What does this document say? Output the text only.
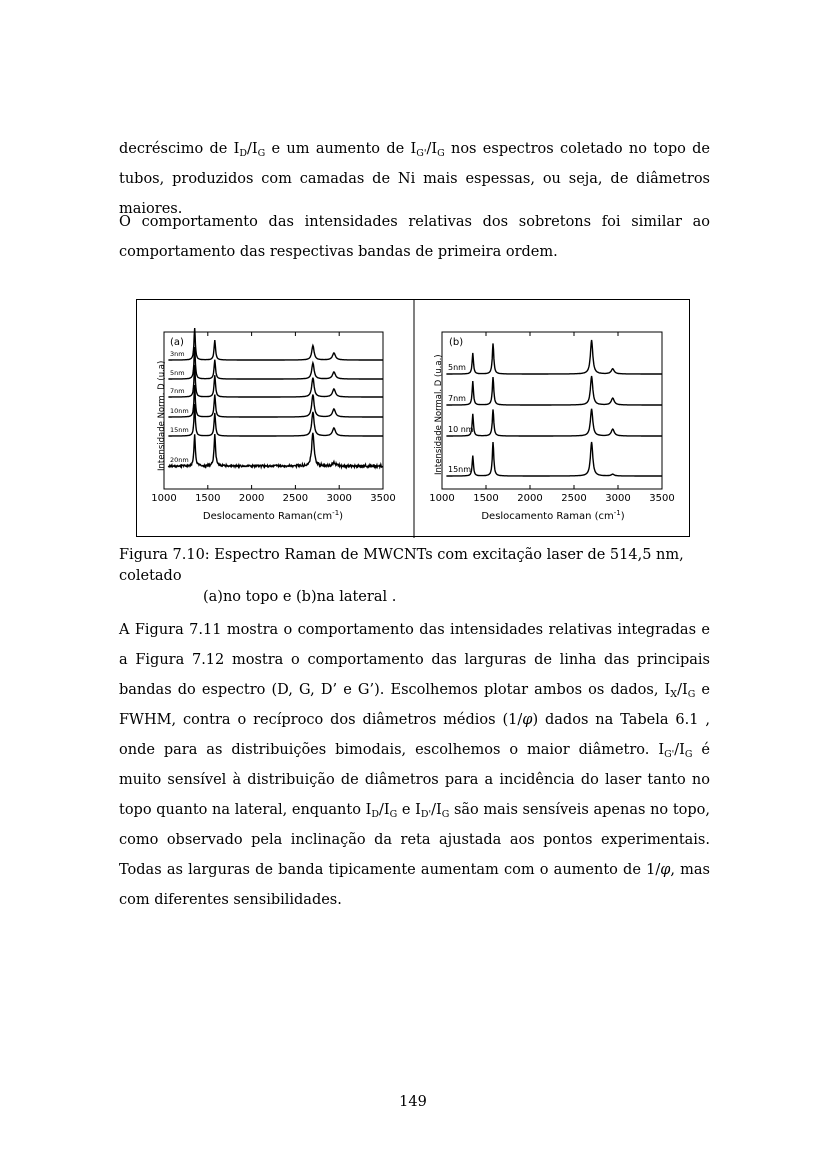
decréscimo de $I_D/I_G$ e um aumento de $I_{G'}/I_G$ nos espectros coletado no topo de tubos, produzidos com camadas de Ni mais espessas, ou seja, de diâmetros maiores.

O comportamento das intensidades relativas dos sobretons foi similar ao comportamento das respectivas bandas de primeira ordem.

(a)
Intensidade Norm. D (u.a)
1000 1500 2000 2500 3000 3500
3nm
5nm
7nm
10nm
15nm
20nm
Deslocamento $Raman(cm^{-1})$
(b)
Intensidade Normal. D (u.a.)
1000 1500 2000 2500 3000 3500
5nm
7nm
10 nm
15nm
Deslocamento Raman $(cm^{-1})$
Figura 7.10: Espectro Raman de MWCNTs com excitação laser de 514,5 nm, coletado
(a)no topo e (b)na lateral .

A Figura 7.11 mostra o comportamento das intensidades relativas integradas e a Figura 7.12 mostra o comportamento das larguras de linha das principais bandas do espectro (D, G, D’ e G’). Escolhemos plotar ambos os dados, $I_X/I_G$ e FWHM, contra o recíproco dos diâmetros médios (1/φ) dados na Tabela 6.1 , onde para as distribuições bimodais, escolhemos o maior diâmetro. $I_{G'}/I_G$ é muito sensível à distribuição de diâmetros para a incidência do laser tanto no topo quanto na lateral, enquanto $I_D/I_G$ e $I_{D'}/I_G$ são mais sensíveis apenas no topo, como observado pela inclinação da reta ajustada aos pontos experimentais. Todas as larguras de banda tipicamente aumentam com o aumento de 1/φ, mas com diferentes sensibilidades.

149
